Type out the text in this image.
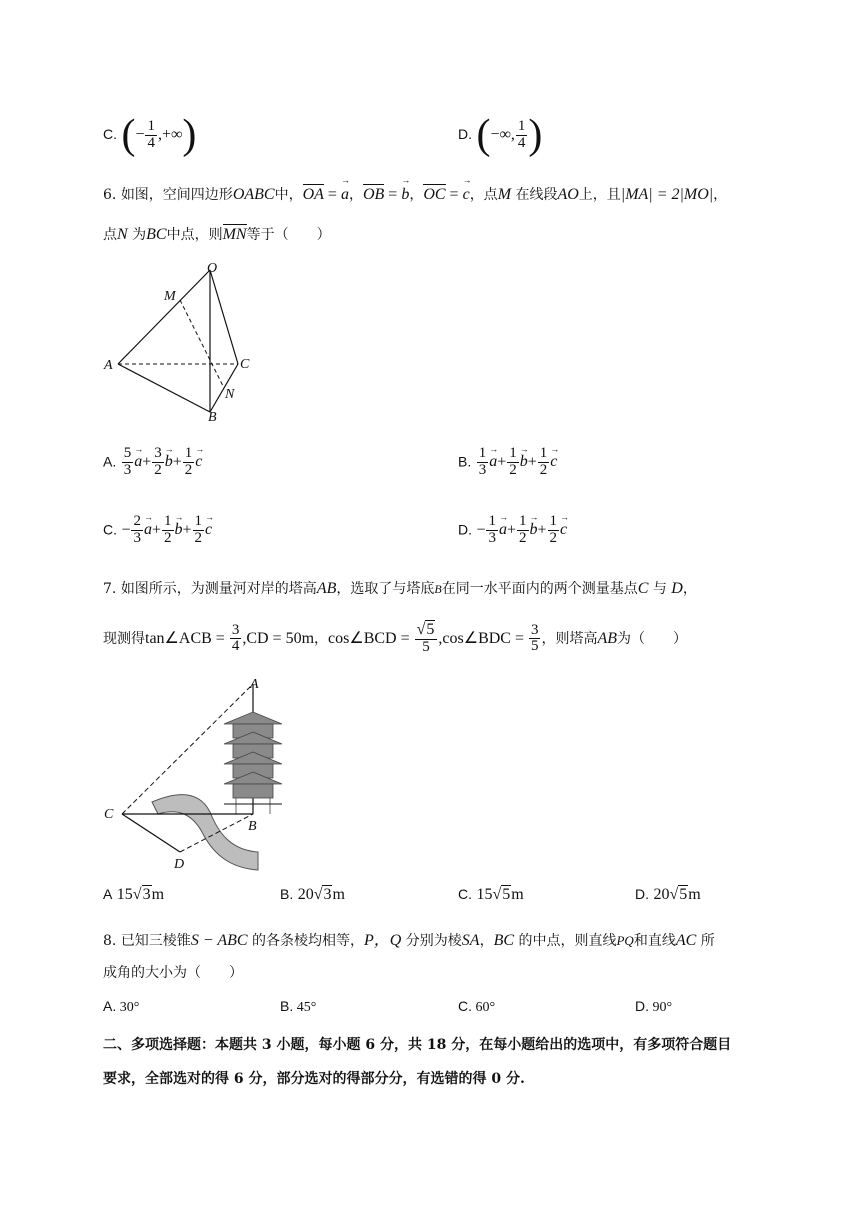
C. (− $\frac{1}{4}$ ,+∞)	D. (−∞, $\frac{1}{4}$ )
6. 如图，空间四边形OABC中，OA =
→
a，OB =
→
b，OC =
→
c，点M 在线段AO上，且|MA| = 2|MO|，
点N 为BC中点，则MN等于（　　）
O
M
A	C
N
B
A. $\frac{5}{3}$ →
$a+ \frac{3}{2}$ →
$b+ \frac{1}{2}$ →
c	B. $\frac{1}{3}$ →
$a+ \frac{1}{2}$ →
$b+ \frac{1}{2}$ →
c
C. − $\frac{2}{3}$ →
$a+ \frac{1}{2}$ →
$b+ \frac{1}{2}$ →
c	D. − $\frac{1}{3}$ →
$a+ \frac{1}{2}$ →
$b+ \frac{1}{2}$ →
c
7. 如图所示，为测量河对岸的塔高AB，选取了与塔底B在同一水平面内的两个测量基点C 与 D，
现测得tan∠ACB = $\frac{3}{4} ,CD = 50m$，cos∠BCD = $\frac{√5}{5}$ ,cos∠BDC = $\frac{3}{5}$ ，则塔高AB为（　　）
A
B
C
D
A 15√3m	B. 20√3m	C. 15√5m	D. 20√5m
8. 已知三棱锥S − ABC 的各条棱均相等，P，Q 分别为棱SA，BC 的中点，则直线PQ和直线AC 所
成角的大小为（　　）
A. 30°	B. 45°	C. 60°	D. 90°
二、多项选择题：本题共 3 小题，每小题 6 分，共 18 分，在每小题给出的选项中，有多项符合题目
要求，全部选对的得 6 分，部分选对的得部分分，有选错的得 0 分.
